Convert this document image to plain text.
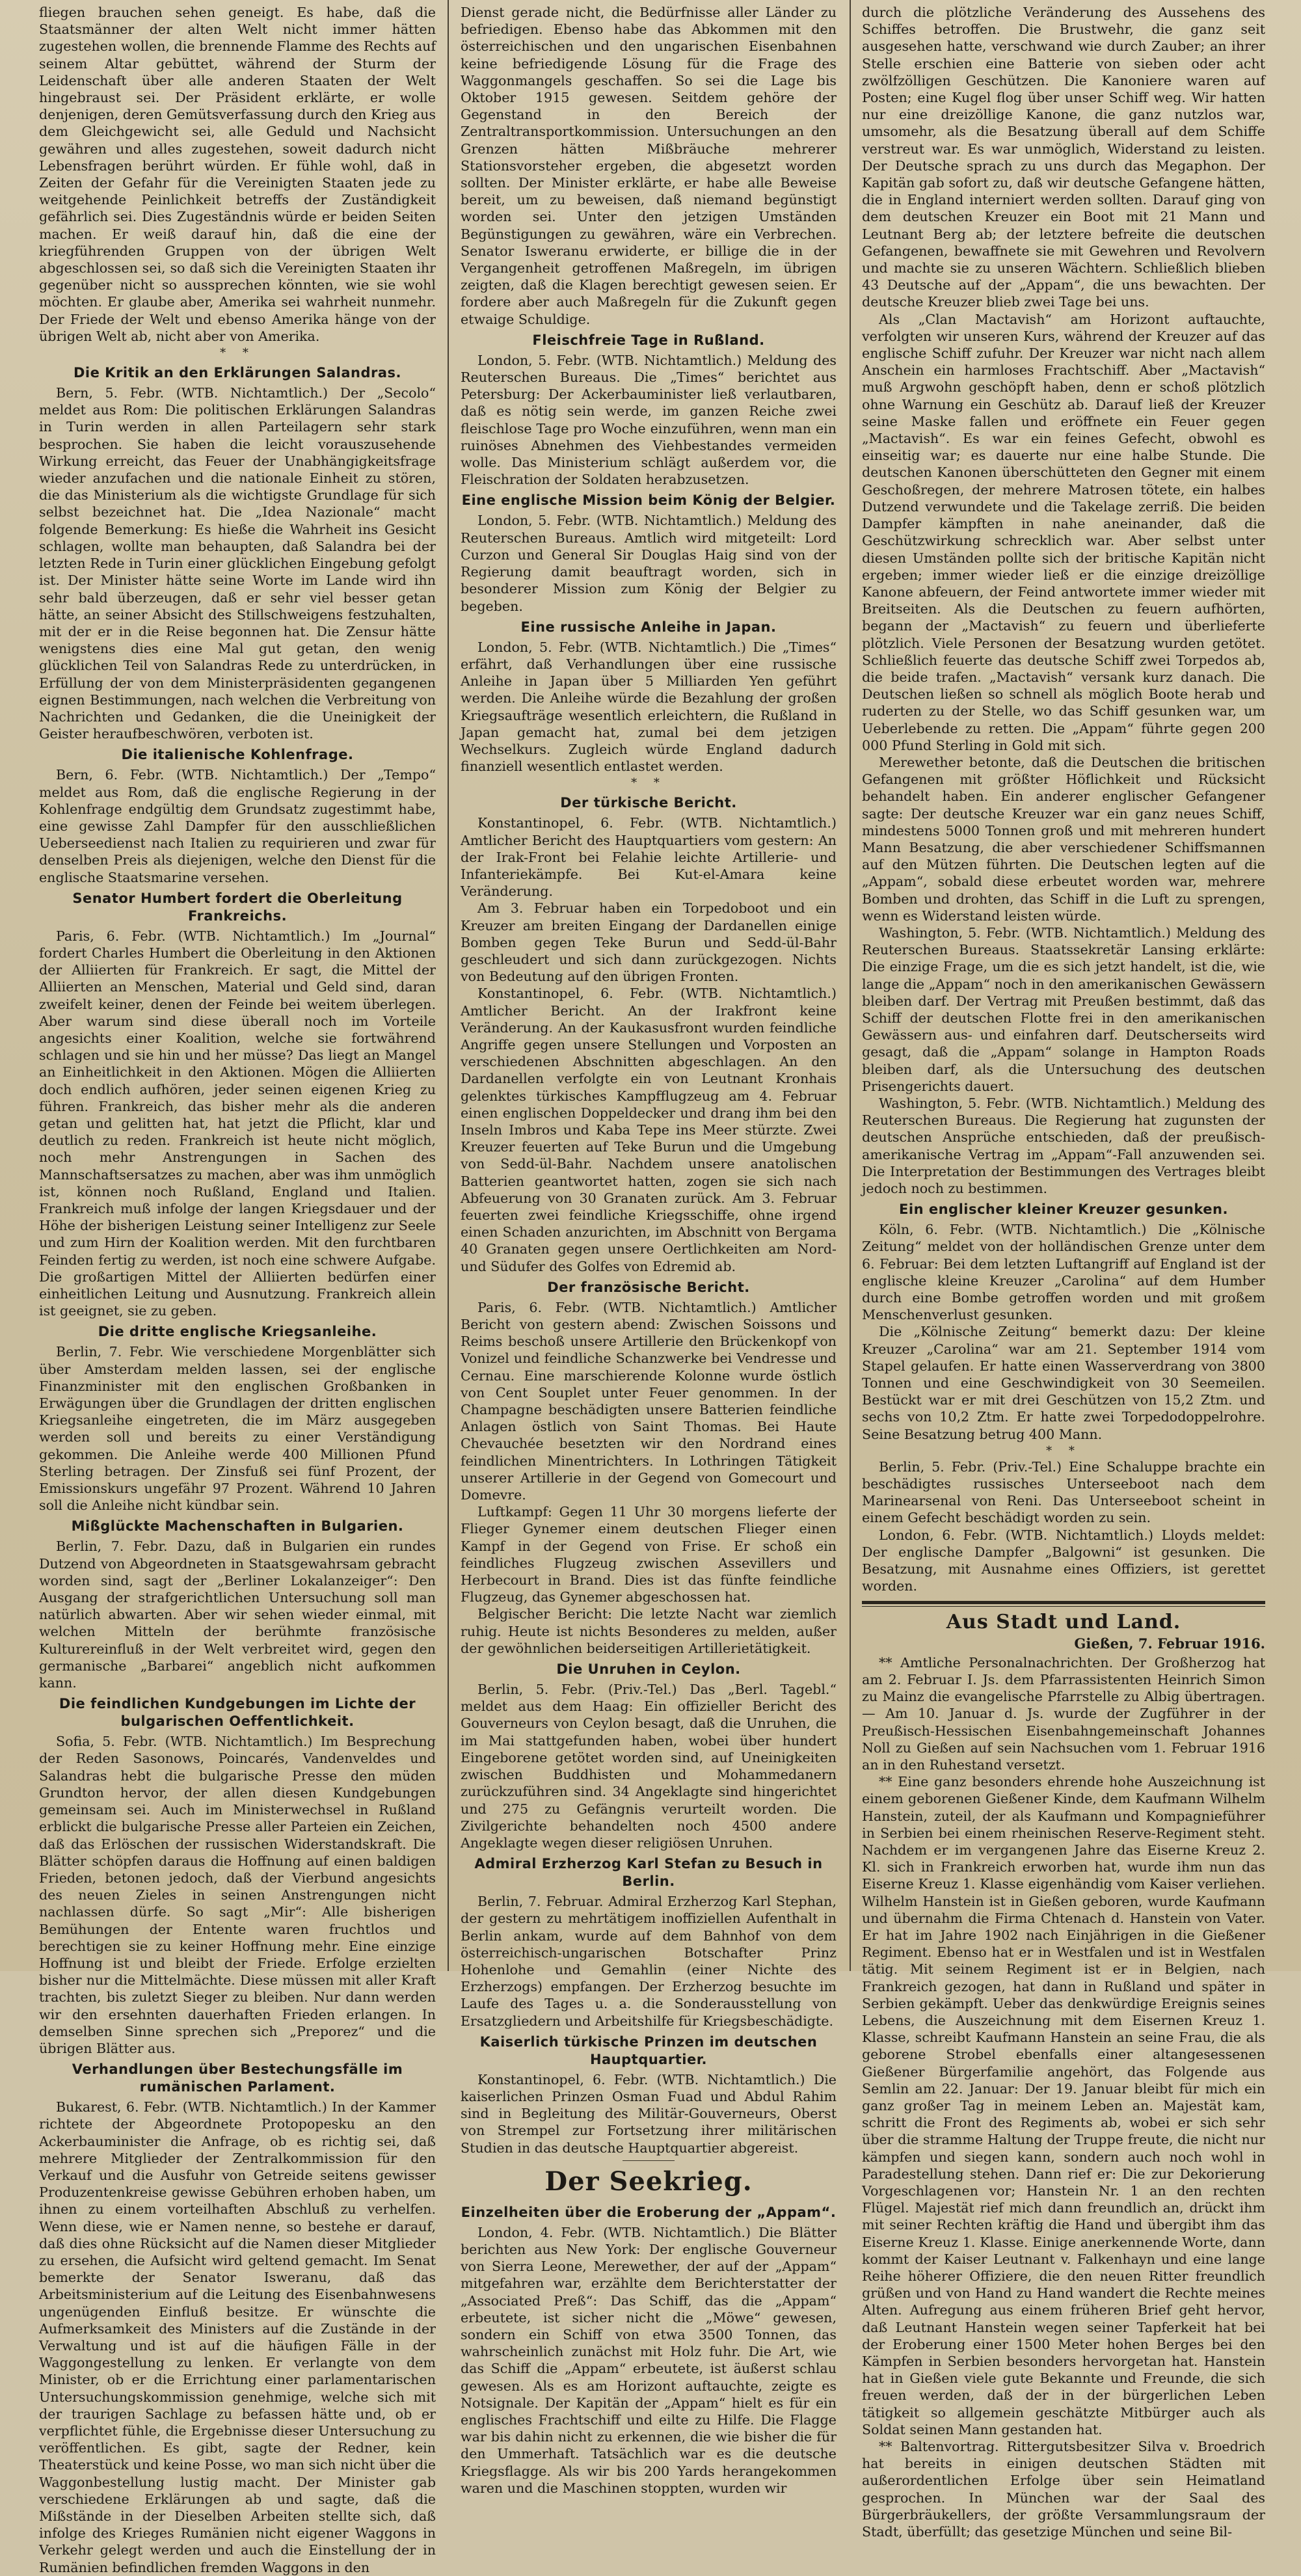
fliegen brauchen sehen geneigt. Es habe, daß die Staatsmänner der alten Welt nicht immer hätten zugestehen wollen, die brennende Flamme des Rechts auf seinem Altar gebüttet, während der Sturm der Leidenschaft über alle anderen Staaten der Welt hingebraust sei. Der Präsident erklärte, er wolle denjenigen, deren Gemütsverfassung durch den Krieg aus dem Gleichgewicht sei, alle Geduld und Nachsicht gewähren und alles zugestehen, soweit dadurch nicht Lebensfragen berührt würden. Er fühle wohl, daß in Zeiten der Gefahr für die Vereinigten Staaten jede zu weitgehende Peinlichkeit betreffs der Zuständigkeit gefährlich sei. Dies Zugeständnis würde er beiden Seiten machen. Er weiß darauf hin, daß die eine der kriegführenden Gruppen von der übrigen Welt abgeschlossen sei, so daß sich die Vereinigten Staaten ihr gegenüber nicht so aussprechen könnten, wie sie wohl möchten. Er glaube aber, Amerika sei wahrheit nunmehr. Der Friede der Welt und ebenso Amerika hänge von der übrigen Welt ab, nicht aber von Amerika.

* *
Die Kritik an den Erklärungen Salandras.

Bern, 5. Febr. (WTB. Nichtamtlich.) Der „Secolo“ meldet aus Rom: Die politischen Erklärungen Salandras in Turin werden in allen Parteilagern sehr stark besprochen. Sie haben die leicht vorauszusehende Wirkung erreicht, das Feuer der Unabhängigkeitsfrage wieder anzufachen und die nationale Einheit zu stören, die das Ministerium als die wichtigste Grundlage für sich selbst bezeichnet hat. Die „Idea Nazionale“ macht folgende Bemerkung: Es hieße die Wahrheit ins Gesicht schlagen, wollte man behaupten, daß Salandra bei der letzten Rede in Turin einer glücklichen Eingebung gefolgt ist. Der Minister hätte seine Worte im Lande wird ihn sehr bald überzeugen, daß er sehr viel besser getan hätte, an seiner Absicht des Stillschweigens festzuhalten, mit der er in die Reise begonnen hat. Die Zensur hätte wenigstens dies eine Mal gut getan, den wenig glücklichen Teil von Salandras Rede zu unterdrücken, in Erfüllung der von dem Ministerpräsidenten gegangenen eignen Bestimmungen, nach welchen die Verbreitung von Nachrichten und Gedanken, die die Uneinigkeit der Geister heraufbeschwören, verboten ist.

Die italienische Kohlenfrage.

Bern, 6. Febr. (WTB. Nichtamtlich.) Der „Tempo“ meldet aus Rom, daß die englische Regierung in der Kohlenfrage endgültig dem Grundsatz zugestimmt habe, eine gewisse Zahl Dampfer für den ausschließlichen Ueberseedienst nach Italien zu requirieren und zwar für denselben Preis als diejenigen, welche den Dienst für die englische Staatsmarine versehen.

Senator Humbert fordert die Oberleitung Frankreichs.

Paris, 6. Febr. (WTB. Nichtamtlich.) Im „Journal“ fordert Charles Humbert die Oberleitung in den Aktionen der Alliierten für Frankreich. Er sagt, die Mittel der Alliierten an Menschen, Material und Geld sind, daran zweifelt keiner, denen der Feinde bei weitem überlegen. Aber warum sind diese überall noch im Vorteile angesichts einer Koalition, welche sie fortwährend schlagen und sie hin und her müsse? Das liegt an Mangel an Einheitlichkeit in den Aktionen. Mögen die Alliierten doch endlich aufhören, jeder seinen eigenen Krieg zu führen. Frankreich, das bisher mehr als die anderen getan und gelitten hat, hat jetzt die Pflicht, klar und deutlich zu reden. Frankreich ist heute nicht möglich, noch mehr Anstrengungen in Sachen des Mannschaftsersatzes zu machen, aber was ihm unmöglich ist, können noch Rußland, England und Italien. Frankreich muß infolge der langen Kriegsdauer und der Höhe der bisherigen Leistung seiner Intelligenz zur Seele und zum Hirn der Koalition werden. Mit den furchtbaren Feinden fertig zu werden, ist noch eine schwere Aufgabe. Die großartigen Mittel der Alliierten bedürfen einer einheitlichen Leitung und Ausnutzung. Frankreich allein ist geeignet, sie zu geben.

Die dritte englische Kriegsanleihe.

Berlin, 7. Febr. Wie verschiedene Morgenblätter sich über Amsterdam melden lassen, sei der englische Finanzminister mit den englischen Großbanken in Erwägungen über die Grundlagen der dritten englischen Kriegsanleihe eingetreten, die im März ausgegeben werden soll und bereits zu einer Verständigung gekommen. Die Anleihe werde 400 Millionen Pfund Sterling betragen. Der Zinsfuß sei fünf Prozent, der Emissionskurs ungefähr 97 Prozent. Während 10 Jahren soll die Anleihe nicht kündbar sein.

Mißglückte Machenschaften in Bulgarien.

Berlin, 7. Febr. Dazu, daß in Bulgarien ein rundes Dutzend von Abgeordneten in Staatsgewahrsam gebracht worden sind, sagt der „Berliner Lokalanzeiger“: Den Ausgang der strafgerichtlichen Untersuchung soll man natürlich abwarten. Aber wir sehen wieder einmal, mit welchen Mitteln der berühmte französische Kulturereinfluß in der Welt verbreitet wird, gegen den germanische „Barbarei“ angeblich nicht aufkommen kann.

Die feindlichen Kundgebungen im Lichte der bulgarischen Oeffentlichkeit.

Sofia, 5. Febr. (WTB. Nichtamtlich.) Im Besprechung der Reden Sasonows, Poincarés, Vandenveldes und Salandras hebt die bulgarische Presse den müden Grundton hervor, der allen diesen Kundgebungen gemeinsam sei. Auch im Ministerwechsel in Rußland erblickt die bulgarische Presse aller Parteien ein Zeichen, daß das Erlöschen der russischen Widerstandskraft. Die Blätter schöpfen daraus die Hoffnung auf einen baldigen Frieden, betonen jedoch, daß der Vierbund angesichts des neuen Zieles in seinen Anstrengungen nicht nachlassen dürfe. So sagt „Mir“: Alle bisherigen Bemühungen der Entente waren fruchtlos und berechtigen sie zu keiner Hoffnung mehr. Eine einzige Hoffnung ist und bleibt der Friede. Erfolge erzielten bisher nur die Mittelmächte. Diese müssen mit aller Kraft trachten, bis zuletzt Sieger zu bleiben. Nur dann werden wir den ersehnten dauerhaften Frieden erlangen. In demselben Sinne sprechen sich „Preporez“ und die übrigen Blätter aus.

Verhandlungen über Bestechungsfälle im rumänischen Parlament.

Bukarest, 6. Febr. (WTB. Nichtamtlich.) In der Kammer richtete der Abgeordnete Protopopesku an den Ackerbauminister die Anfrage, ob es richtig sei, daß mehrere Mitglieder der Zentralkommission für den Verkauf und die Ausfuhr von Getreide seitens gewisser Produzentenkreise gewisse Gebühren erhoben haben, um ihnen zu einem vorteilhaften Abschluß zu verhelfen. Wenn diese, wie er Namen nenne, so bestehe er darauf, daß dies ohne Rücksicht auf die Namen dieser Mitglieder zu ersehen, die Aufsicht wird geltend gemacht. Im Senat bemerkte der Senator Isweranu, daß das Arbeitsministerium auf die Leitung des Eisenbahnwesens ungenügenden Einfluß besitze. Er wünschte die Aufmerksamkeit des Ministers auf die Zustände in der Verwaltung und ist auf die häufigen Fälle in der Waggongestellung zu lenken. Er verlangte von dem Minister, ob er die Errichtung einer parlamentarischen Untersuchungskommission genehmige, welche sich mit der traurigen Sachlage zu befassen hätte und, ob er verpflichtet fühle, die Ergebnisse dieser Untersuchung zu veröffentlichen. Es gibt, sagte der Redner, kein Theaterstück und keine Posse, wo man sich nicht über die Waggonbestellung lustig macht. Der Minister gab verschiedene Erklärungen ab und sagte, daß die Mißstände in der Dieselben Arbeiten stellte sich, daß infolge des Krieges Rumänien nicht eigener Waggons in Verkehr gelegt werden und auch die Einstellung der in Rumänien befindlichen fremden Waggons in den

Dienst gerade nicht, die Bedürfnisse aller Länder zu befriedigen. Ebenso habe das Abkommen mit den österreichischen und den ungarischen Eisenbahnen keine befriedigende Lösung für die Frage des Waggonmangels geschaffen. So sei die Lage bis Oktober 1915 gewesen. Seitdem gehöre der Gegenstand in den Bereich der Zentraltransportkommission. Untersuchungen an den Grenzen hätten Mißbräuche mehrerer Stationsvorsteher ergeben, die abgesetzt worden sollten. Der Minister erklärte, er habe alle Beweise bereit, um zu beweisen, daß niemand begünstigt worden sei. Unter den jetzigen Umständen Begünstigungen zu gewähren, wäre ein Verbrechen. Senator Isweranu erwiderte, er billige die in der Vergangenheit getroffenen Maßregeln, im übrigen zeigten, daß die Klagen berechtigt gewesen seien. Er fordere aber auch Maßregeln für die Zukunft gegen etwaige Schuldige.

Fleischfreie Tage in Rußland.

London, 5. Febr. (WTB. Nichtamtlich.) Meldung des Reuterschen Bureaus. Die „Times“ berichtet aus Petersburg: Der Ackerbauminister ließ verlautbaren, daß es nötig sein werde, im ganzen Reiche zwei fleischlose Tage pro Woche einzuführen, wenn man ein ruinöses Abnehmen des Viehbestandes vermeiden wolle. Das Ministerium schlägt außerdem vor, die Fleischration der Soldaten herabzusetzen.

Eine englische Mission beim König der Belgier.

London, 5. Febr. (WTB. Nichtamtlich.) Meldung des Reuterschen Bureaus. Amtlich wird mitgeteilt: Lord Curzon und General Sir Douglas Haig sind von der Regierung damit beauftragt worden, sich in besonderer Mission zum König der Belgier zu begeben.

Eine russische Anleihe in Japan.

London, 5. Febr. (WTB. Nichtamtlich.) Die „Times“ erfährt, daß Verhandlungen über eine russische Anleihe in Japan über 5 Milliarden Yen geführt werden. Die Anleihe würde die Bezahlung der großen Kriegsaufträge wesentlich erleichtern, die Rußland in Japan gemacht hat, zumal bei dem jetzigen Wechselkurs. Zugleich würde England dadurch finanziell wesentlich entlastet werden.

* *
Der türkische Bericht.

Konstantinopel, 6. Febr. (WTB. Nichtamtlich.) Amtlicher Bericht des Hauptquartiers vom gestern: An der Irak-Front bei Felahie leichte Artillerie- und Infanteriekämpfe. Bei Kut-el-Amara keine Veränderung.

Am 3. Februar haben ein Torpedoboot und ein Kreuzer am breiten Eingang der Dardanellen einige Bomben gegen Teke Burun und Sedd-ül-Bahr geschleudert und sich dann zurückgezogen. Nichts von Bedeutung auf den übrigen Fronten.

Konstantinopel, 6. Febr. (WTB. Nichtamtlich.) Amtlicher Bericht. An der Irakfront keine Veränderung. An der Kaukasusfront wurden feindliche Angriffe gegen unsere Stellungen und Vorposten an verschiedenen Abschnitten abgeschlagen. An den Dardanellen verfolgte ein von Leutnant Kronhais gelenktes türkisches Kampfflugzeug am 4. Februar einen englischen Doppeldecker und drang ihm bei den Inseln Imbros und Kaba Tepe ins Meer stürzte. Zwei Kreuzer feuerten auf Teke Burun und die Umgebung von Sedd-ül-Bahr. Nachdem unsere anatolischen Batterien geantwortet hatten, zogen sie sich nach Abfeuerung von 30 Granaten zurück. Am 3. Februar feuerten zwei feindliche Kriegsschiffe, ohne irgend einen Schaden anzurichten, im Abschnitt von Bergama 40 Granaten gegen unsere Oertlichkeiten am Nord- und Südufer des Golfes von Edremid ab.

Der französische Bericht.

Paris, 6. Febr. (WTB. Nichtamtlich.) Amtlicher Bericht von gestern abend: Zwischen Soissons und Reims beschoß unsere Artillerie den Brückenkopf von Vonizel und feindliche Schanzwerke bei Vendresse und Cernau. Eine marschierende Kolonne wurde östlich von Cent Souplet unter Feuer genommen. In der Champagne beschädigten unsere Batterien feindliche Anlagen östlich von Saint Thomas. Bei Haute Chevauchée besetzten wir den Nordrand eines feindlichen Minentrichters. In Lothringen Tätigkeit unserer Artillerie in der Gegend von Gomecourt und Domevre.

Luftkampf: Gegen 11 Uhr 30 morgens lieferte der Flieger Gynemer einem deutschen Flieger einen Kampf in der Gegend von Frise. Er schoß ein feindliches Flugzeug zwischen Assevillers und Herbecourt in Brand. Dies ist das fünfte feindliche Flugzeug, das Gynemer abgeschossen hat.

Belgischer Bericht: Die letzte Nacht war ziemlich ruhig. Heute ist nichts Besonderes zu melden, außer der gewöhnlichen beiderseitigen Artillerietätigkeit.

Die Unruhen in Ceylon.

Berlin, 5. Febr. (Priv.-Tel.) Das „Berl. Tagebl.“ meldet aus dem Haag: Ein offizieller Bericht des Gouverneurs von Ceylon besagt, daß die Unruhen, die im Mai stattgefunden haben, wobei über hundert Eingeborene getötet worden sind, auf Uneinigkeiten zwischen Buddhisten und Mohammedanern zurückzuführen sind. 34 Angeklagte sind hingerichtet und 275 zu Gefängnis verurteilt worden. Die Zivilgerichte behandelten noch 4500 andere Angeklagte wegen dieser religiösen Unruhen.

Admiral Erzherzog Karl Stefan zu Besuch in Berlin.

Berlin, 7. Februar. Admiral Erzherzog Karl Stephan, der gestern zu mehrtätigem inoffiziellen Aufenthalt in Berlin ankam, wurde auf dem Bahnhof von dem österreichisch-ungarischen Botschafter Prinz Hohenlohe und Gemahlin (einer Nichte des Erzherzogs) empfangen. Der Erzherzog besuchte im Laufe des Tages u. a. die Sonderausstellung von Ersatzgliedern und Arbeitshilfe für Kriegsbeschädigte.

Kaiserlich türkische Prinzen im deutschen Hauptquartier.

Konstantinopel, 6. Febr. (WTB. Nichtamtlich.) Die kaiserlichen Prinzen Osman Fuad und Abdul Rahim sind in Begleitung des Militär-Gouverneurs, Oberst von Strempel zur Fortsetzung ihrer militärischen Studien in das deutsche Hauptquartier abgereist.

Der Seekrieg.
Einzelheiten über die Eroberung der „Appam“.

London, 4. Febr. (WTB. Nichtamtlich.) Die Blätter berichten aus New York: Der englische Gouverneur von Sierra Leone, Merewether, der auf der „Appam“ mitgefahren war, erzählte dem Berichterstatter der „Associated Preß“: Das Schiff, das die „Appam“ erbeutete, ist sicher nicht die „Möwe“ gewesen, sondern ein Schiff von etwa 3500 Tonnen, das wahrscheinlich zunächst mit Holz fuhr. Die Art, wie das Schiff die „Appam“ erbeutete, ist äußerst schlau gewesen. Als es am Horizont auftauchte, zeigte es Notsignale. Der Kapitän der „Appam“ hielt es für ein englisches Frachtschiff und eilte zu Hilfe. Die Flagge war bis dahin nicht zu erkennen, die wie bisher die für den Ummerhaft. Tatsächlich war es die deutsche Kriegsflagge. Als wir bis 200 Yards herangekommen waren und die Maschinen stoppten, wurden wir

durch die plötzliche Veränderung des Aussehens des Schiffes betroffen. Die Brustwehr, die ganz seit ausgesehen hatte, verschwand wie durch Zauber; an ihrer Stelle erschien eine Batterie von sieben oder acht zwölfzölligen Geschützen. Die Kanoniere waren auf Posten; eine Kugel flog über unser Schiff weg. Wir hatten nur eine dreizöllige Kanone, die ganz nutzlos war, umsomehr, als die Besatzung überall auf dem Schiffe verstreut war. Es war unmöglich, Widerstand zu leisten. Der Deutsche sprach zu uns durch das Megaphon. Der Kapitän gab sofort zu, daß wir deutsche Gefangene hätten, die in England interniert werden sollten. Darauf ging von dem deutschen Kreuzer ein Boot mit 21 Mann und Leutnant Berg ab; der letztere befreite die deutschen Gefangenen, bewaffnete sie mit Gewehren und Revolvern und machte sie zu unseren Wächtern. Schließlich blieben 43 Deutsche auf der „Appam“, die uns bewachten. Der deutsche Kreuzer blieb zwei Tage bei uns.

Als „Clan Mactavish“ am Horizont auftauchte, verfolgten wir unseren Kurs, während der Kreuzer auf das englische Schiff zufuhr. Der Kreuzer war nicht nach allem Anschein ein harmloses Frachtschiff. Aber „Mactavish“ muß Argwohn geschöpft haben, denn er schoß plötzlich ohne Warnung ein Geschütz ab. Darauf ließ der Kreuzer seine Maske fallen und eröffnete ein Feuer gegen „Mactavish“. Es war ein feines Gefecht, obwohl es einseitig war; es dauerte nur eine halbe Stunde. Die deutschen Kanonen überschütteten den Gegner mit einem Geschoßregen, der mehrere Matrosen tötete, ein halbes Dutzend verwundete und die Takelage zerriß. Die beiden Dampfer kämpften in nahe aneinander, daß die Geschützwirkung schrecklich war. Aber selbst unter diesen Umständen pollte sich der britische Kapitän nicht ergeben; immer wieder ließ er die einzige dreizöllige Kanone abfeuern, der Feind antwortete immer wieder mit Breitseiten. Als die Deutschen zu feuern aufhörten, begann der „Mactavish“ zu feuern und überlieferte plötzlich. Viele Personen der Besatzung wurden getötet. Schließlich feuerte das deutsche Schiff zwei Torpedos ab, die beide trafen. „Mactavish“ versank kurz danach. Die Deutschen ließen so schnell als möglich Boote herab und ruderten zu der Stelle, wo das Schiff gesunken war, um Ueberlebende zu retten. Die „Appam“ führte gegen 200 000 Pfund Sterling in Gold mit sich.

Merewether betonte, daß die Deutschen die britischen Gefangenen mit größter Höflichkeit und Rücksicht behandelt haben. Ein anderer englischer Gefangener sagte: Der deutsche Kreuzer war ein ganz neues Schiff, mindestens 5000 Tonnen groß und mit mehreren hundert Mann Besatzung, die aber verschiedener Schiffsmannen auf den Mützen führten. Die Deutschen legten auf die „Appam“, sobald diese erbeutet worden war, mehrere Bomben und drohten, das Schiff in die Luft zu sprengen, wenn es Widerstand leisten würde.

Washington, 5. Febr. (WTB. Nichtamtlich.) Meldung des Reuterschen Bureaus. Staatssekretär Lansing erklärte: Die einzige Frage, um die es sich jetzt handelt, ist die, wie lange die „Appam“ noch in den amerikanischen Gewässern bleiben darf. Der Vertrag mit Preußen bestimmt, daß das Schiff der deutschen Flotte frei in den amerikanischen Gewässern aus- und einfahren darf. Deutscherseits wird gesagt, daß die „Appam“ solange in Hampton Roads bleiben darf, als die Untersuchung des deutschen Prisengerichts dauert.

Washington, 5. Febr. (WTB. Nichtamtlich.) Meldung des Reuterschen Bureaus. Die Regierung hat zugunsten der deutschen Ansprüche entschieden, daß der preußisch-amerikanische Vertrag im „Appam“-Fall anzuwenden sei. Die Interpretation der Bestimmungen des Vertrages bleibt jedoch noch zu bestimmen.

Ein englischer kleiner Kreuzer gesunken.

Köln, 6. Febr. (WTB. Nichtamtlich.) Die „Kölnische Zeitung“ meldet von der holländischen Grenze unter dem 6. Februar: Bei dem letzten Luftangriff auf England ist der englische kleine Kreuzer „Carolina“ auf dem Humber durch eine Bombe getroffen worden und mit großem Menschenverlust gesunken.

Die „Kölnische Zeitung“ bemerkt dazu: Der kleine Kreuzer „Carolina“ war am 21. September 1914 vom Stapel gelaufen. Er hatte einen Wasserverdrang von 3800 Tonnen und eine Geschwindigkeit von 30 Seemeilen. Bestückt war er mit drei Geschützen von 15,2 Ztm. und sechs von 10,2 Ztm. Er hatte zwei Torpedodoppelrohre. Seine Besatzung betrug 400 Mann.

* *

Berlin, 5. Febr. (Priv.-Tel.) Eine Schaluppe brachte ein beschädigtes russisches Unterseeboot nach dem Marinearsenal von Reni. Das Unterseeboot scheint in einem Gefecht beschädigt worden zu sein.

London, 6. Febr. (WTB. Nichtamtlich.) Lloyds meldet: Der englische Dampfer „Balgowni“ ist gesunken. Die Besatzung, mit Ausnahme eines Offiziers, ist gerettet worden.

Aus Stadt und Land.
Gießen, 7. Februar 1916.

** Amtliche Personalnachrichten. Der Großherzog hat am 2. Februar I. Js. dem Pfarrassistenten Heinrich Simon zu Mainz die evangelische Pfarrstelle zu Albig übertragen. — Am 10. Januar d. Js. wurde der Zugführer in der Preußisch-Hessischen Eisenbahngemeinschaft Johannes Noll zu Gießen auf sein Nachsuchen vom 1. Februar 1916 an in den Ruhestand versetzt.

** Eine ganz besonders ehrende hohe Auszeichnung ist einem geborenen Gießener Kinde, dem Kaufmann Wilhelm Hanstein, zuteil, der als Kaufmann und Kompagnieführer in Serbien bei einem rheinischen Reserve-Regiment steht. Nachdem er im vergangenen Jahre das Eiserne Kreuz 2. Kl. sich in Frankreich erworben hat, wurde ihm nun das Eiserne Kreuz 1. Klasse eigenhändig vom Kaiser verliehen. Wilhelm Hanstein ist in Gießen geboren, wurde Kaufmann und übernahm die Firma Chtenach d. Hanstein von Vater. Er hat im Jahre 1902 nach Einjährigen in die Gießener Regiment. Ebenso hat er in Westfalen und ist in Westfalen tätig. Mit seinem Regiment ist er in Belgien, nach Frankreich gezogen, hat dann in Rußland und später in Serbien gekämpft. Ueber das denkwürdige Ereignis seines Lebens, die Auszeichnung mit dem Eisernen Kreuz 1. Klasse, schreibt Kaufmann Hanstein an seine Frau, die als geborene Strobel ebenfalls einer altangesessenen Gießener Bürgerfamilie angehört, das Folgende aus Semlin am 22. Januar: Der 19. Januar bleibt für mich ein ganz großer Tag in meinem Leben an. Majestät kam, schritt die Front des Regiments ab, wobei er sich sehr über die stramme Haltung der Truppe freute, die nicht nur kämpfen und siegen kann, sondern auch noch wohl in Paradestellung stehen. Dann rief er: Die zur Dekorierung Vorgeschlagenen vor; Hanstein Nr. 1 an den rechten Flügel. Majestät rief mich dann freundlich an, drückt ihm mit seiner Rechten kräftig die Hand und übergibt ihm das Eiserne Kreuz 1. Klasse. Einige anerkennende Worte, dann kommt der Kaiser Leutnant v. Falkenhayn und eine lange Reihe höherer Offiziere, die den neuen Ritter freundlich grüßen und von Hand zu Hand wandert die Rechte meines Alten. Aufregung aus einem früheren Brief geht hervor, daß Leutnant Hanstein wegen seiner Tapferkeit hat bei der Eroberung einer 1500 Meter hohen Berges bei den Kämpfen in Serbien besonders hervorgetan hat. Hanstein hat in Gießen viele gute Bekannte und Freunde, die sich freuen werden, daß der in der bürgerlichen Leben tätigkeit so allgemein geschätzte Mitbürger auch als Soldat seinen Mann gestanden hat.

** Baltenvortrag. Rittergutsbesitzer Silva v. Broedrich hat bereits in einigen deutschen Städten mit außerordentlichen Erfolge über sein Heimatland gesprochen. In München war der Saal des Bürgerbräukellers, der größte Versammlungsraum der Stadt, überfüllt; das gesetzige München und seine Bil-
